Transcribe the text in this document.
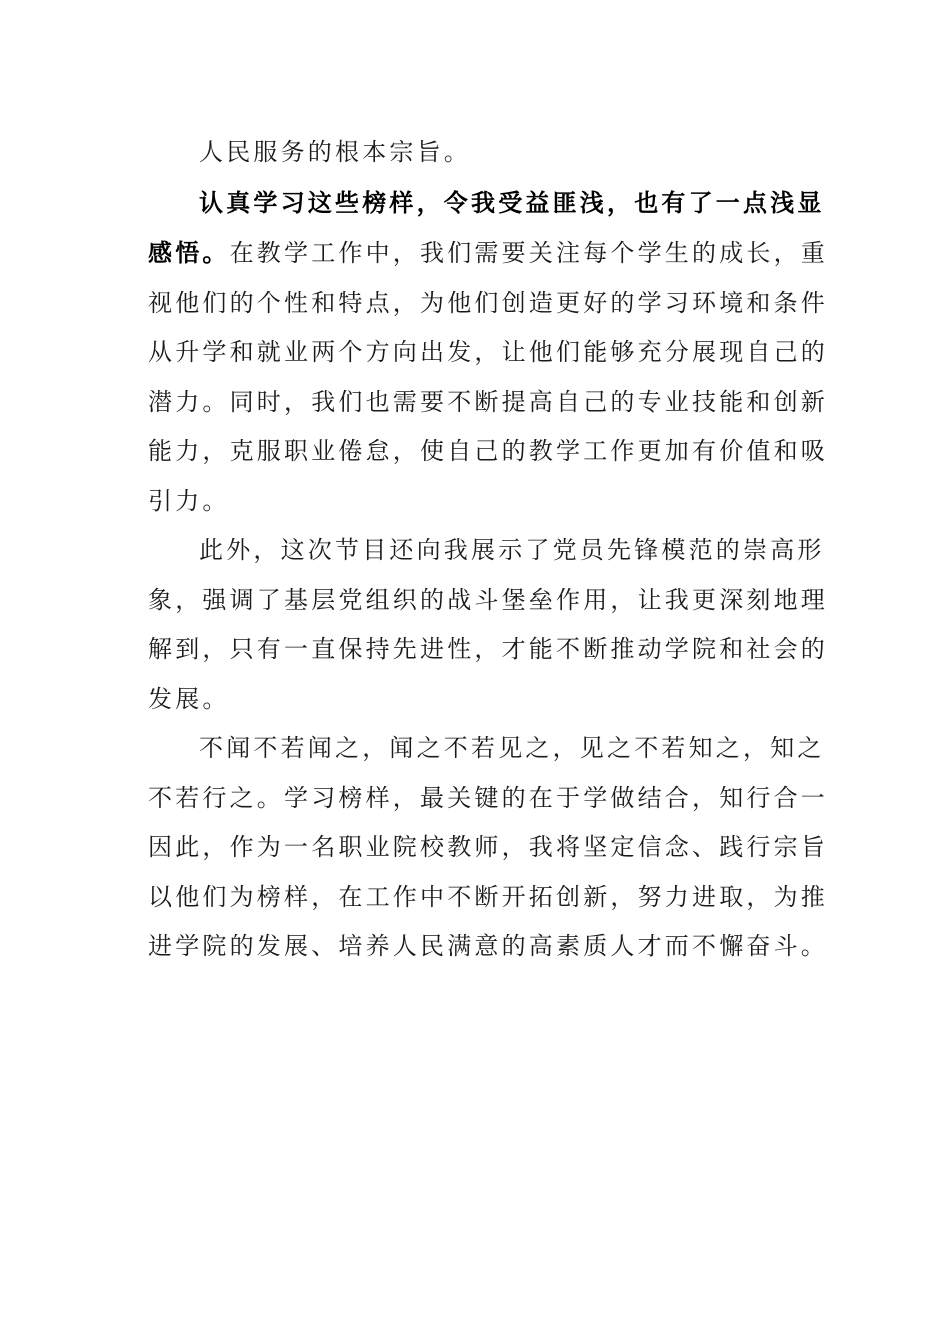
人民服务的根本宗旨。

认真学习这些榜样，令我受益匪浅，也有了一点浅显

感悟。在教学工作中，我们需要关注每个学生的成长，重

视他们的个性和特点，为他们创造更好的学习环境和条件

从升学和就业两个方向出发，让他们能够充分展现自己的

潜力。同时，我们也需要不断提高自己的专业技能和创新

能力，克服职业倦怠，使自己的教学工作更加有价值和吸

引力。

此外，这次节目还向我展示了党员先锋模范的崇高形

象，强调了基层党组织的战斗堡垒作用，让我更深刻地理

解到，只有一直保持先进性，才能不断推动学院和社会的

发展。

不闻不若闻之，闻之不若见之，见之不若知之，知之

不若行之。学习榜样，最关键的在于学做结合，知行合一

因此，作为一名职业院校教师，我将坚定信念、践行宗旨

以他们为榜样，在工作中不断开拓创新，努力进取，为推

进学院的发展、培养人民满意的高素质人才而不懈奋斗。
